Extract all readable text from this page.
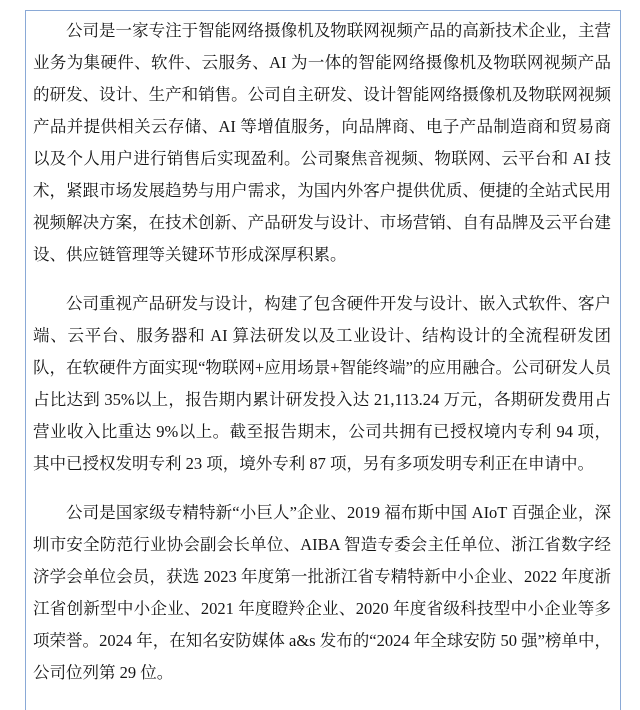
公司是一家专注于智能网络摄像机及物联网视频产品的高新技术企业，主营业务为集硬件、软件、云服务、AI 为一体的智能网络摄像机及物联网视频产品的研发、设计、生产和销售。公司自主研发、设计智能网络摄像机及物联网视频产品并提供相关云存储、AI 等增值服务，向品牌商、电子产品制造商和贸易商以及个人用户进行销售后实现盈利。公司聚焦音视频、物联网、云平台和 AI 技术，紧跟市场发展趋势与用户需求，为国内外客户提供优质、便捷的全站式民用视频解决方案，在技术创新、产品研发与设计、市场营销、自有品牌及云平台建设、供应链管理等关键环节形成深厚积累。

公司重视产品研发与设计，构建了包含硬件开发与设计、嵌入式软件、客户端、云平台、服务器和 AI 算法研发以及工业设计、结构设计的全流程研发团队，在软硬件方面实现“物联网+应用场景+智能终端”的应用融合。公司研发人员占比达到 35%以上，报告期内累计研发投入达 21,113.24 万元，各期研发费用占营业收入比重达 9%以上。截至报告期末，公司共拥有已授权境内专利 94 项，其中已授权发明专利 23 项，境外专利 87 项，另有多项发明专利正在申请中。

公司是国家级专精特新“小巨人”企业、2019 福布斯中国 AIoT 百强企业，深圳市安全防范行业协会副会长单位、AIBA 智造专委会主任单位、浙江省数字经济学会单位会员，获选 2023 年度第一批浙江省专精特新中小企业、2022 年度浙江省创新型中小企业、2021 年度瞪羚企业、2020 年度省级科技型中小企业等多项荣誉。2024 年，在知名安防媒体 a&s 发布的“2024 年全球安防 50 强”榜单中，公司位列第 29 位。
